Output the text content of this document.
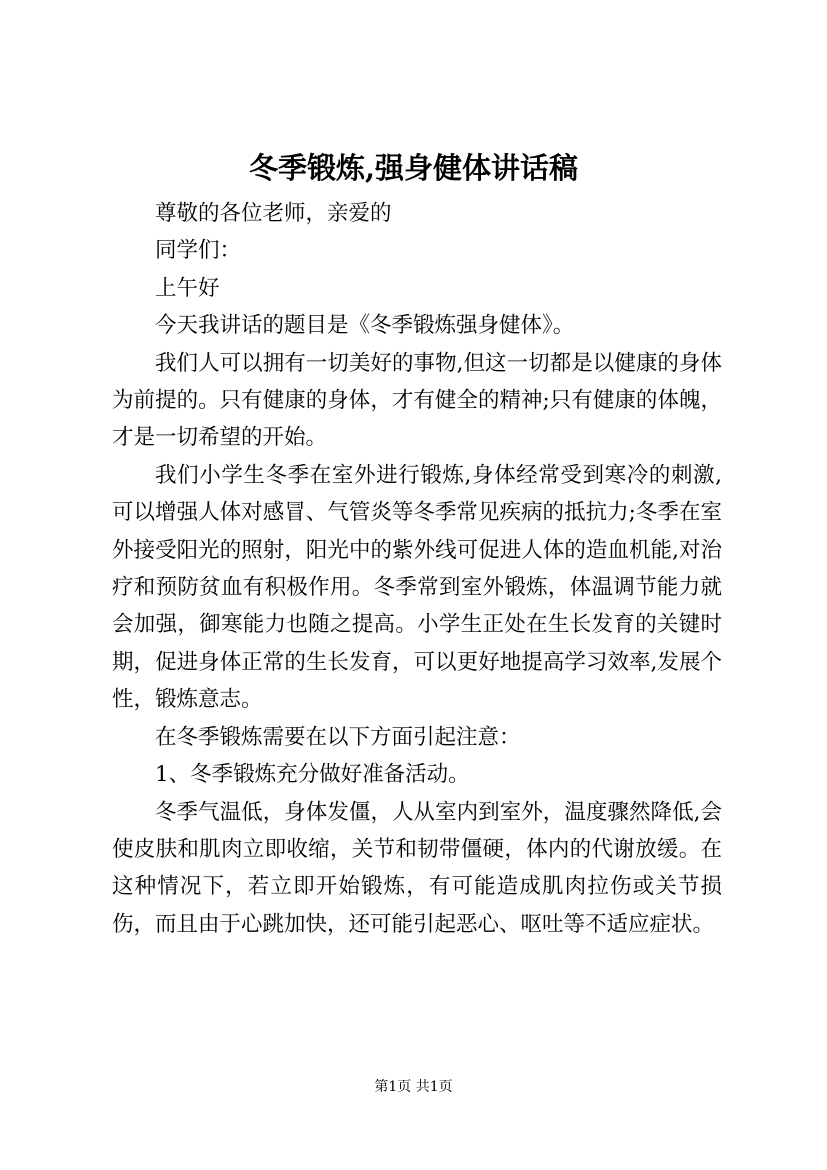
冬季锻炼,强身健体讲话稿

尊敬的各位老师，亲爱的

同学们：

上午好

今天我讲话的题目是《冬季锻炼强身健体》。

我们人可以拥有一切美好的事物,但这一切都是以健康的身体为前提的。只有健康的身体，才有健全的精神;只有健康的体魄，才是一切希望的开始。

我们小学生冬季在室外进行锻炼,身体经常受到寒冷的刺激,可以增强人体对感冒、气管炎等冬季常见疾病的抵抗力;冬季在室外接受阳光的照射，阳光中的紫外线可促进人体的造血机能,对治疗和预防贫血有积极作用。冬季常到室外锻炼，体温调节能力就会加强，御寒能力也随之提高。小学生正处在生长发育的关键时期，促进身体正常的生长发育，可以更好地提高学习效率,发展个性，锻炼意志。

在冬季锻炼需要在以下方面引起注意：

1、冬季锻炼充分做好准备活动。

冬季气温低，身体发僵，人从室内到室外，温度骤然降低,会使皮肤和肌肉立即收缩，关节和韧带僵硬，体内的代谢放缓。在这种情况下，若立即开始锻炼，有可能造成肌肉拉伤或关节损伤，而且由于心跳加快，还可能引起恶心、呕吐等不适应症状。

第1页 共1页
